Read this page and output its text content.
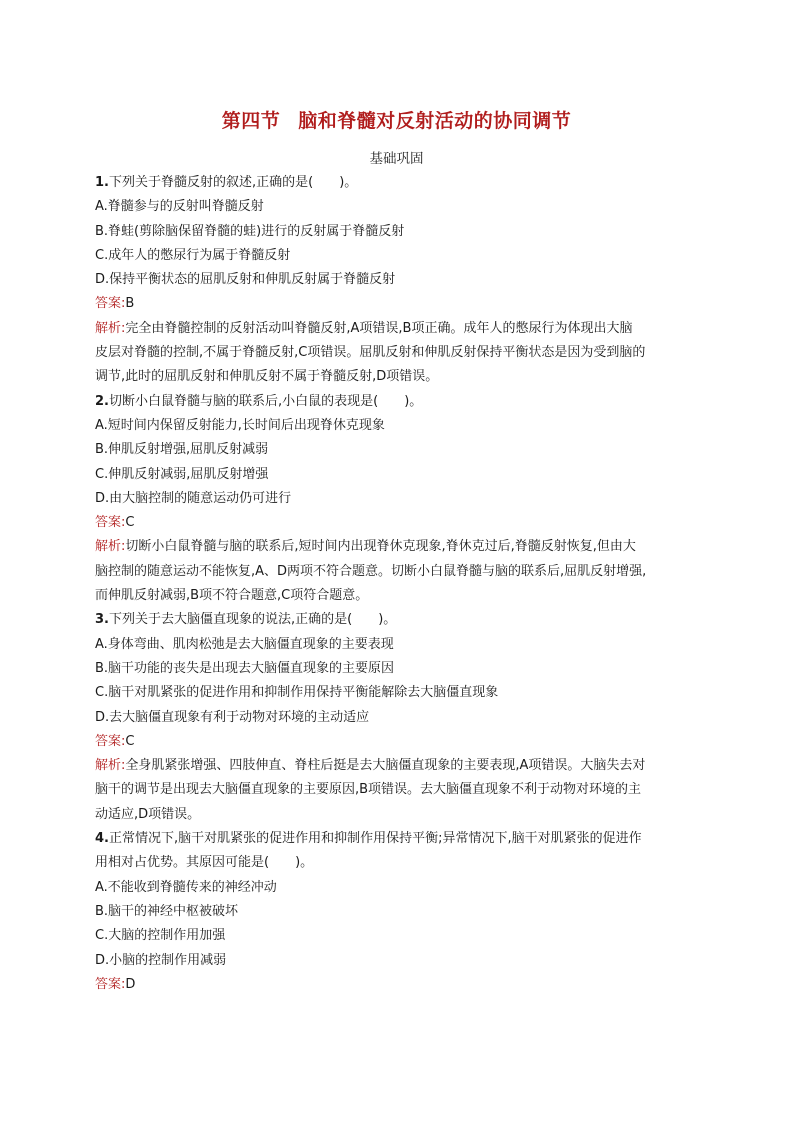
第四节 脑和脊髓对反射活动的协同调节
基础巩固

1.下列关于脊髓反射的叙述,正确的是(　　)。

A.脊髓参与的反射叫脊髓反射

B.脊蛙(剪除脑保留脊髓的蛙)进行的反射属于脊髓反射

C.成年人的憋尿行为属于脊髓反射

D.保持平衡状态的屈肌反射和伸肌反射属于脊髓反射

答案:B

解析:完全由脊髓控制的反射活动叫脊髓反射,A项错误,B项正确。成年人的憋尿行为体现出大脑

皮层对脊髓的控制,不属于脊髓反射,C项错误。屈肌反射和伸肌反射保持平衡状态是因为受到脑的

调节,此时的屈肌反射和伸肌反射不属于脊髓反射,D项错误。

2.切断小白鼠脊髓与脑的联系后,小白鼠的表现是(　　)。

A.短时间内保留反射能力,长时间后出现脊休克现象

B.伸肌反射增强,屈肌反射减弱

C.伸肌反射减弱,屈肌反射增强

D.由大脑控制的随意运动仍可进行

答案:C

解析:切断小白鼠脊髓与脑的联系后,短时间内出现脊休克现象,脊休克过后,脊髓反射恢复,但由大

脑控制的随意运动不能恢复,A、D两项不符合题意。切断小白鼠脊髓与脑的联系后,屈肌反射增强,

而伸肌反射减弱,B项不符合题意,C项符合题意。

3.下列关于去大脑僵直现象的说法,正确的是(　　)。

A.身体弯曲、肌肉松弛是去大脑僵直现象的主要表现

B.脑干功能的丧失是出现去大脑僵直现象的主要原因

C.脑干对肌紧张的促进作用和抑制作用保持平衡能解除去大脑僵直现象

D.去大脑僵直现象有利于动物对环境的主动适应

答案:C

解析:全身肌紧张增强、四肢伸直、脊柱后挺是去大脑僵直现象的主要表现,A项错误。大脑失去对

脑干的调节是出现去大脑僵直现象的主要原因,B项错误。去大脑僵直现象不利于动物对环境的主

动适应,D项错误。

4.正常情况下,脑干对肌紧张的促进作用和抑制作用保持平衡;异常情况下,脑干对肌紧张的促进作

用相对占优势。其原因可能是(　　)。

A.不能收到脊髓传来的神经冲动

B.脑干的神经中枢被破坏

C.大脑的控制作用加强

D.小脑的控制作用减弱

答案:D
